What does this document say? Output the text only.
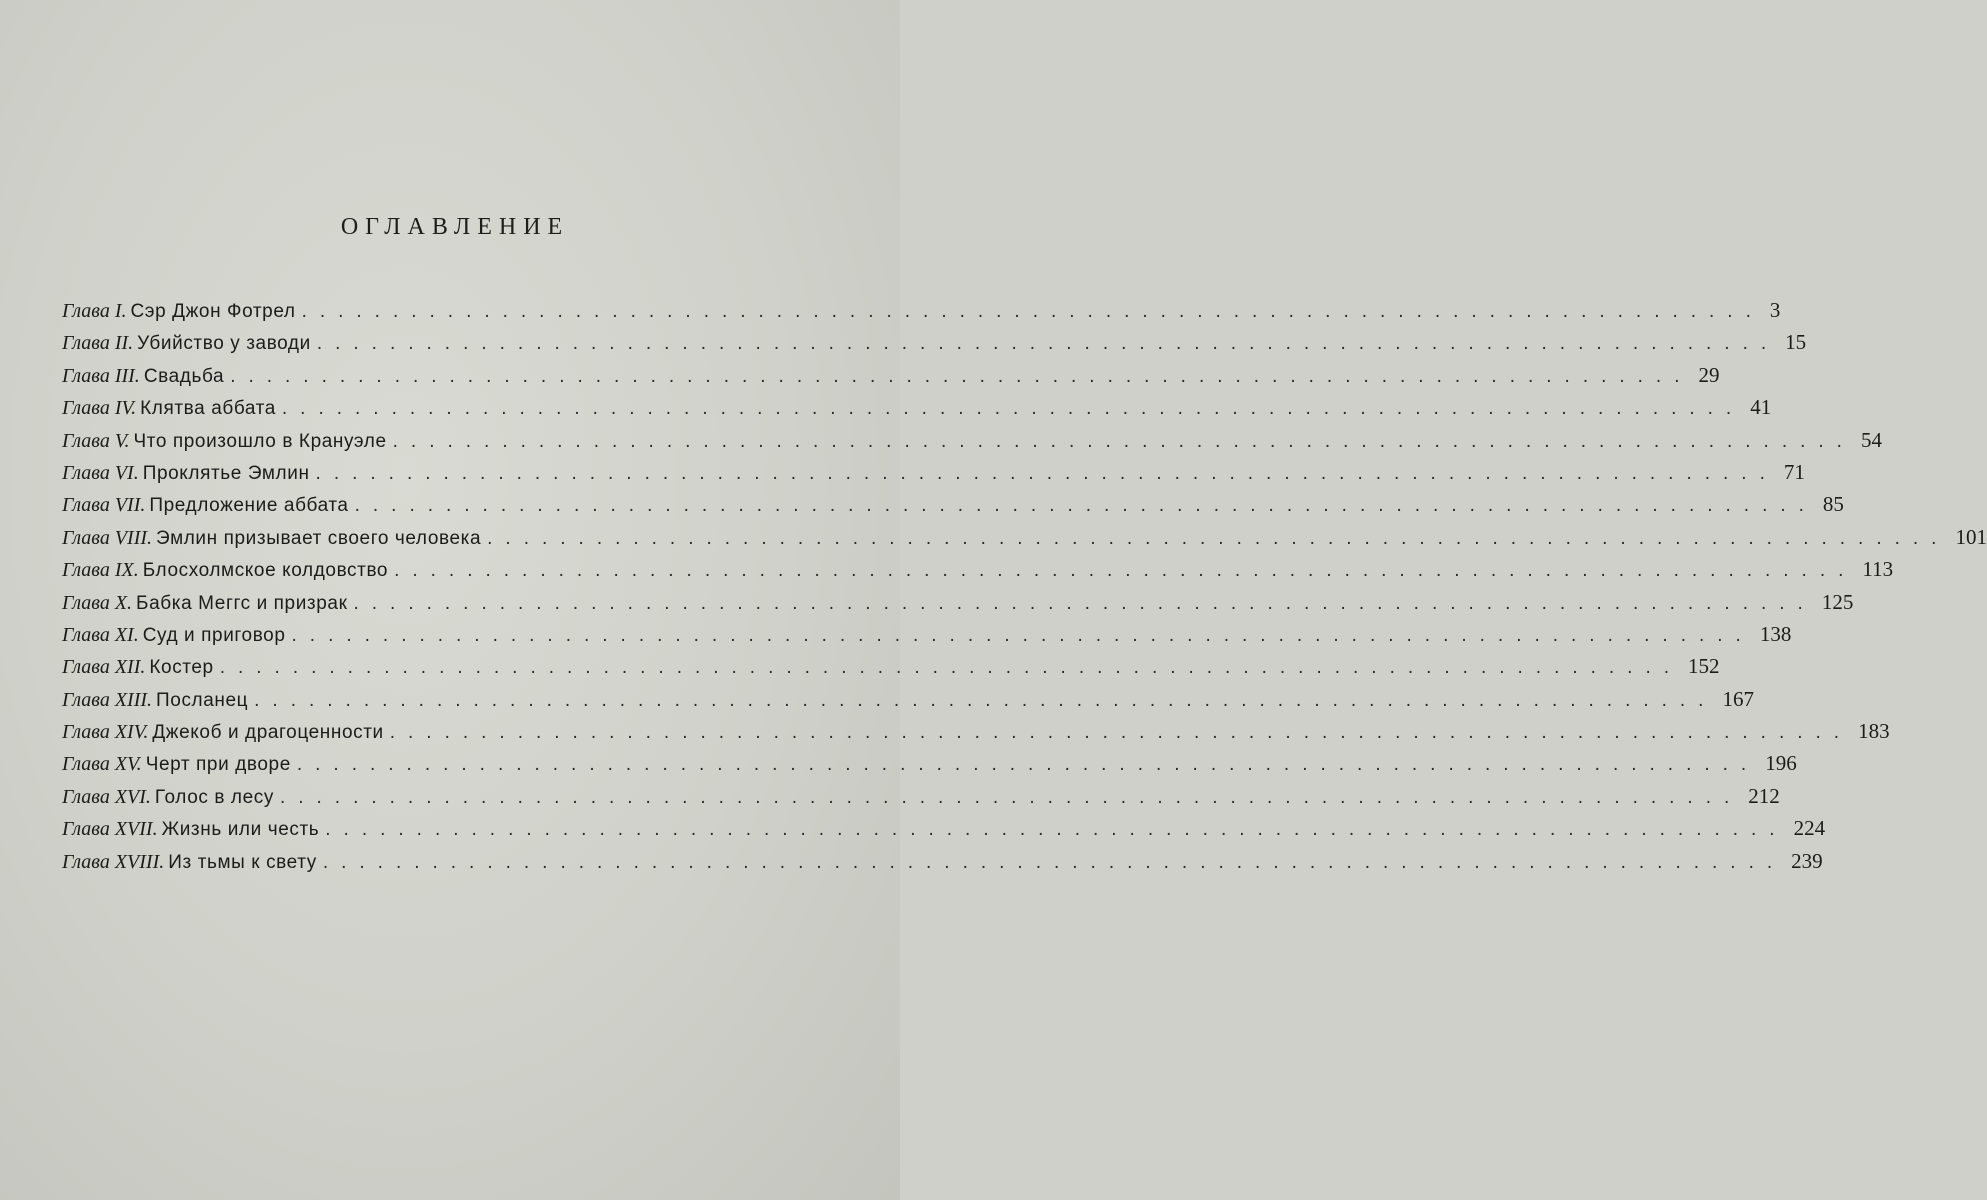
ОГЛАВЛЕНИЕ
Глава I. Сэр Джон Фотрел ................................................................................ 3
Глава II. Убийство у заводи ................................................................................ 15
Глава III. Свадьба ................................................................................ 29
Глава IV. Клятва аббата ................................................................................ 41
Глава V. Что произошло в Крануэле ................................................................................ 54
Глава VI. Проклятье Эмлин ................................................................................ 71
Глава VII. Предложение аббата ................................................................................ 85
Глава VIII. Эмлин призывает своего человека ................................................................................ 101
Глава IX. Блосхолмское колдовство ................................................................................ 113
Глава X. Бабка Меггс и призрак ................................................................................ 125
Глава XI. Суд и приговор ................................................................................ 138
Глава XII. Костер ................................................................................ 152
Глава XIII. Посланец ................................................................................ 167
Глава XIV. Джекоб и драгоценности ................................................................................ 183
Глава XV. Черт при дворе ................................................................................ 196
Глава XVI. Голос в лесу ................................................................................ 212
Глава XVII. Жизнь или честь ................................................................................ 224
Глава XVIII. Из тьмы к свету ................................................................................ 239
